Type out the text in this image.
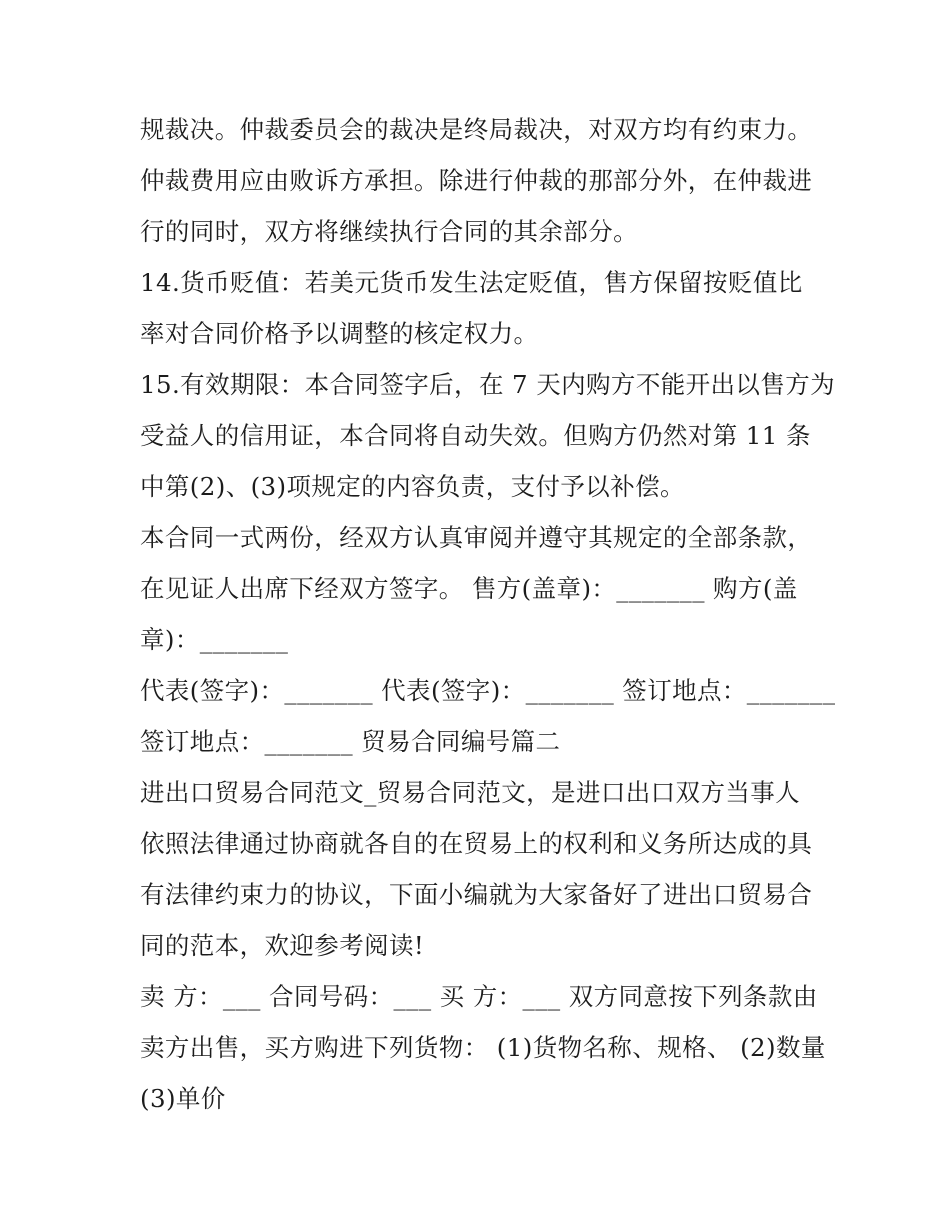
规裁决。仲裁委员会的裁决是终局裁决，对双方均有约束力。
仲裁费用应由败诉方承担。除进行仲裁的那部分外，在仲裁进
行的同时，双方将继续执行合同的其余部分。
14.货币贬值：若美元货币发生法定贬值，售方保留按贬值比
率对合同价格予以调整的核定权力。
15.有效期限：本合同签字后，在 7 天内购方不能开出以售方为
受益人的信用证，本合同将自动失效。但购方仍然对第 11 条
中第(2)、(3)项规定的内容负责，支付予以补偿。
本合同一式两份，经双方认真审阅并遵守其规定的全部条款，
在见证人出席下经双方签字。 售方(盖章)：_______ 购方(盖
章)：_______
代表(签字)：_______ 代表(签字)：_______ 签订地点：_______
签订地点：_______ 贸易合同编号篇二
进出口贸易合同范文_贸易合同范文，是进口出口双方当事人
依照法律通过协商就各自的在贸易上的权利和义务所达成的具
有法律约束力的协议，下面小编就为大家备好了进出口贸易合
同的范本，欢迎参考阅读!
卖 方：___ 合同号码：___ 买 方：___ 双方同意按下列条款由
卖方出售，买方购进下列货物： (1)货物名称、规格、 (2)数量
(3)单价
